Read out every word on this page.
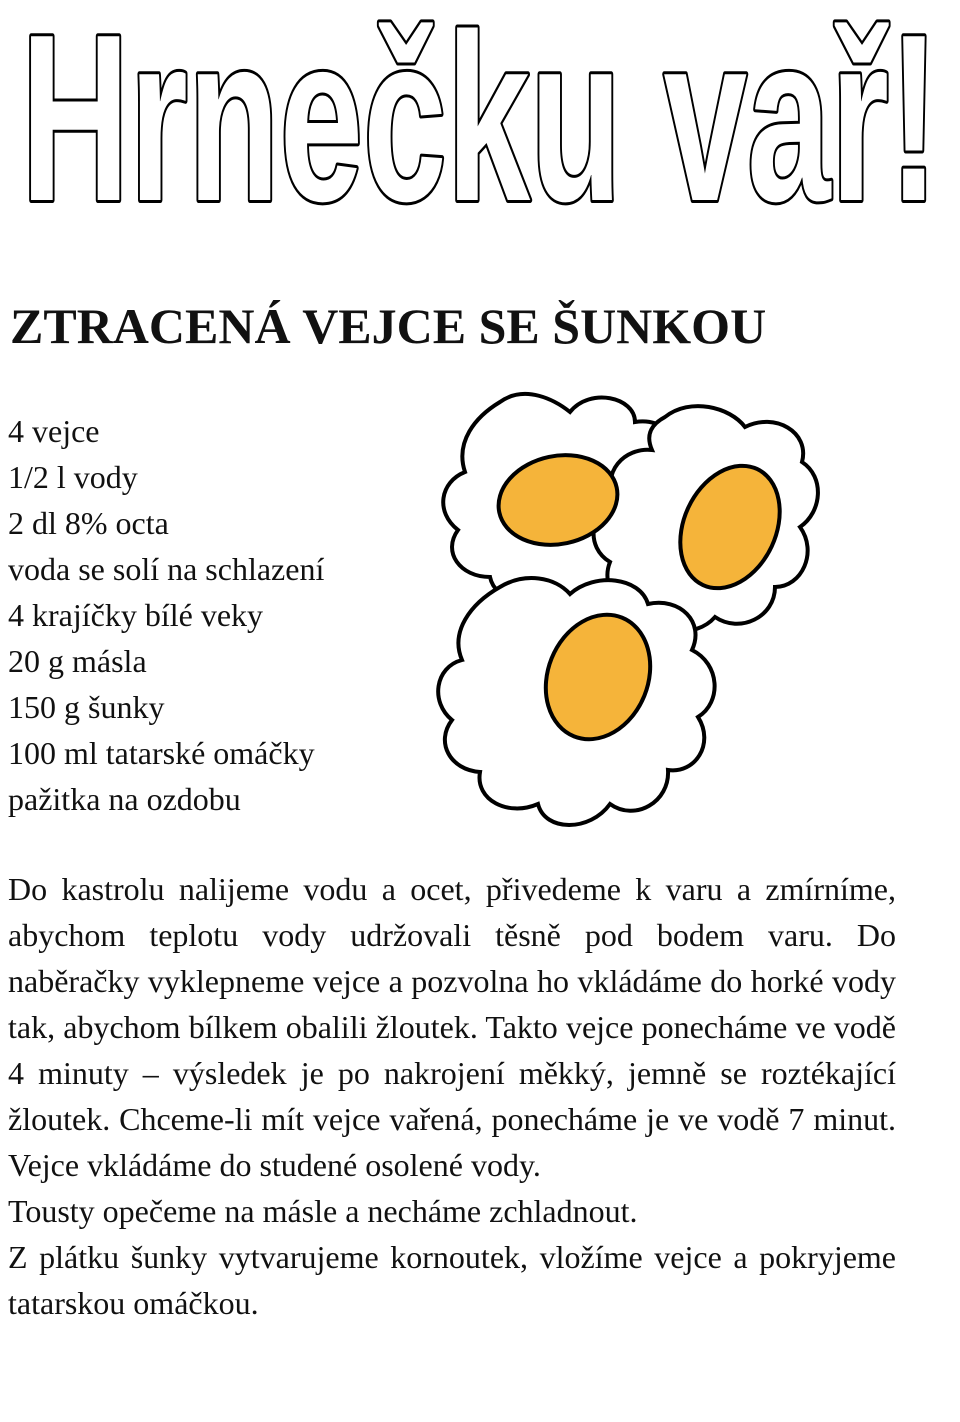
Hrnečku vař!
ZTRACENÁ VEJCE SE ŠUNKOU
4 vejce
1/2 l vody
2 dl 8% octa
voda se solí na schlazení
4 krajíčky bílé veky
20 g másla
150 g šunky
100 ml tatarské omáčky
pažitka na ozdobu

Do kastrolu nalijeme vodu a ocet, přivedeme k varu a zmírníme, abychom teplotu vody udržovali těsně pod bodem varu. Do naběračky vyklepneme vejce a pozvolna ho vkládáme do horké vody tak, abychom bílkem obalili žloutek. Takto vejce ponecháme ve vodě 4 minuty – výsledek je po nakrojení měkký, jemně se roztékající žloutek. Chceme-li mít vejce vařená, ponecháme je ve vodě 7 minut. Vejce vkládáme do studené osolené vody.

Tousty opečeme na másle a necháme zchladnout.

Z plátku šunky vytvarujeme kornoutek, vložíme vejce a pokryjeme tatarskou omáčkou.
